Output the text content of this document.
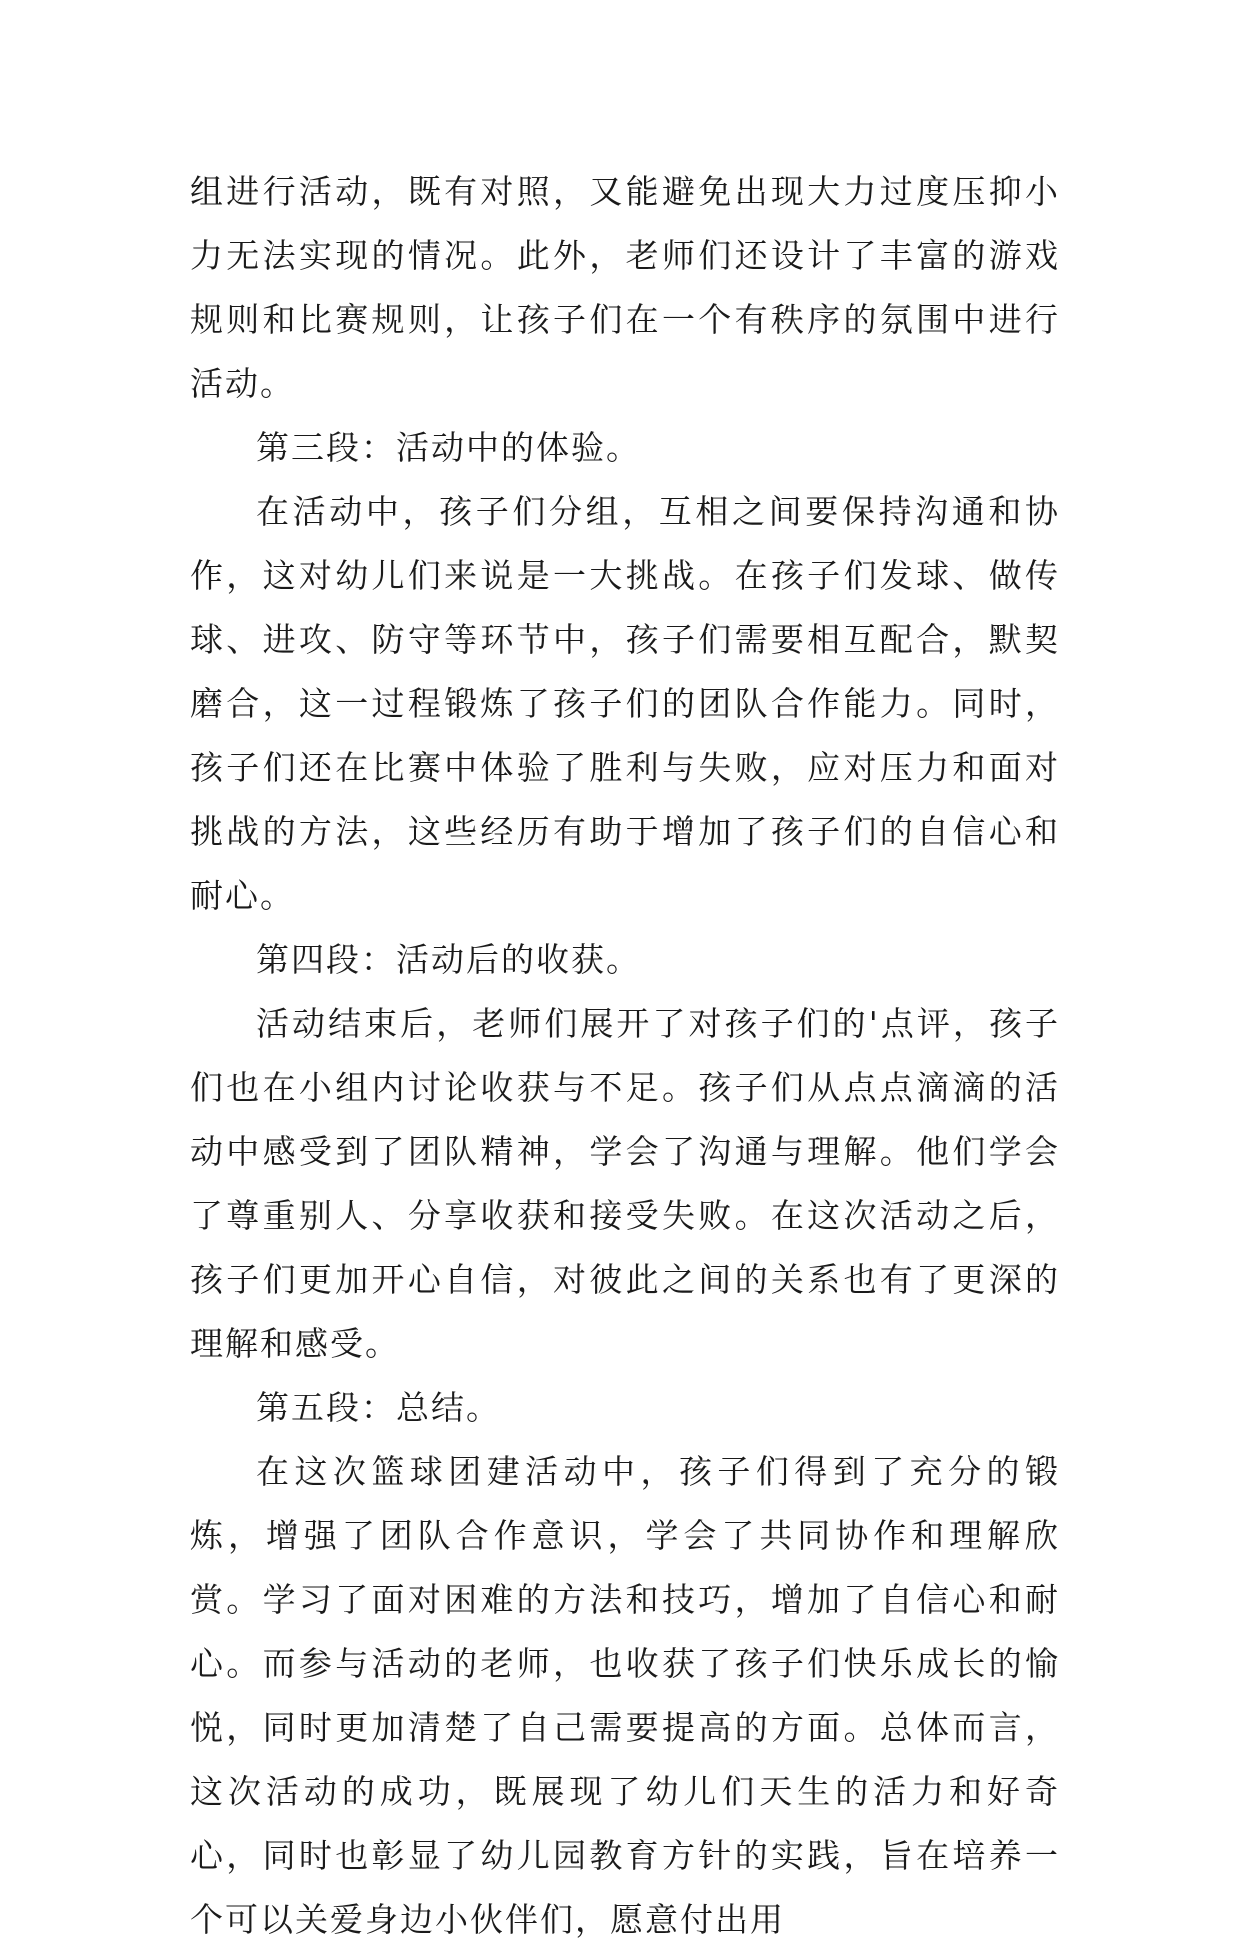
组进行活动，既有对照，又能避免出现大力过度压抑小力无法实现的情况。此外，老师们还设计了丰富的游戏规则和比赛规则，让孩子们在一个有秩序的氛围中进行活动。

第三段：活动中的体验。

在活动中，孩子们分组，互相之间要保持沟通和协作，这对幼儿们来说是一大挑战。在孩子们发球、做传球、进攻、防守等环节中，孩子们需要相互配合，默契磨合，这一过程锻炼了孩子们的团队合作能力。同时，孩子们还在比赛中体验了胜利与失败，应对压力和面对挑战的方法，这些经历有助于增加了孩子们的自信心和耐心。

第四段：活动后的收获。

活动结束后，老师们展开了对孩子们的'点评，孩子们也在小组内讨论收获与不足。孩子们从点点滴滴的活动中感受到了团队精神，学会了沟通与理解。他们学会了尊重别人、分享收获和接受失败。在这次活动之后，孩子们更加开心自信，对彼此之间的关系也有了更深的理解和感受。

第五段：总结。

在这次篮球团建活动中，孩子们得到了充分的锻炼，增强了团队合作意识，学会了共同协作和理解欣赏。学习了面对困难的方法和技巧，增加了自信心和耐心。而参与活动的老师，也收获了孩子们快乐成长的愉悦，同时更加清楚了自己需要提高的方面。总体而言，这次活动的成功，既展现了幼儿们天生的活力和好奇心，同时也彰显了幼儿园教育方针的实践，旨在培养一个可以关爱身边小伙伴们，愿意付出用
